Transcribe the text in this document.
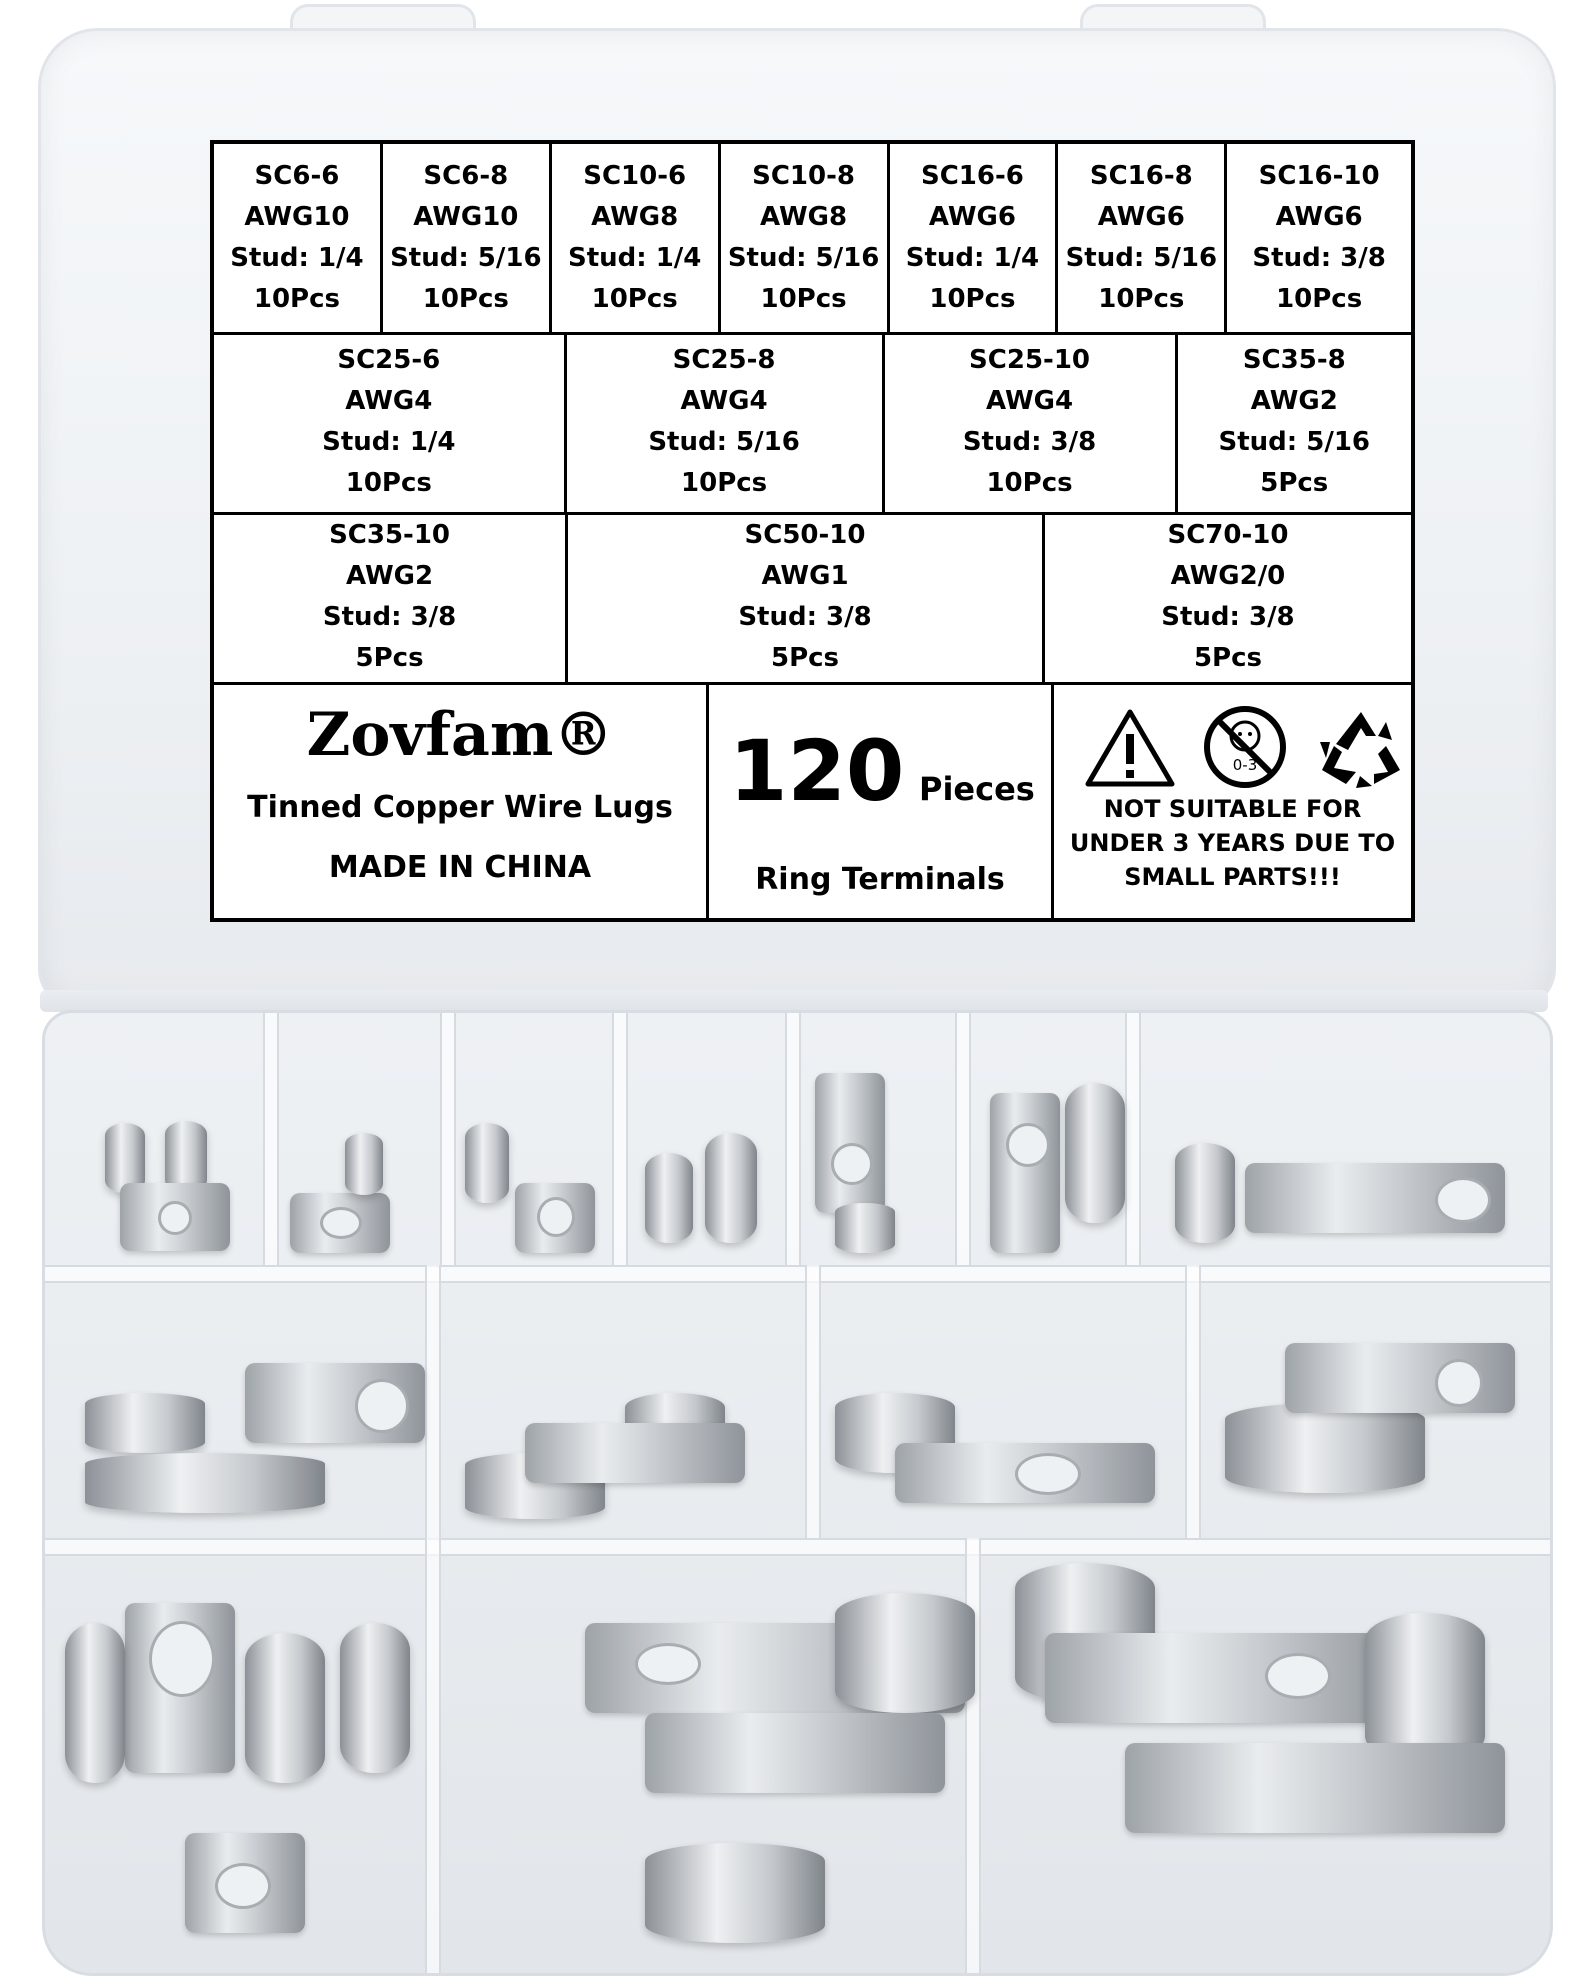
SC6-6
AWG10
Stud: 1/4
10Pcs
SC6-8
AWG10
Stud: 5/16
10Pcs
SC10-6
AWG8
Stud: 1/4
10Pcs
SC10-8
AWG8
Stud: 5/16
10Pcs
SC16-6
AWG6
Stud: 1/4
10Pcs
SC16-8
AWG6
Stud: 5/16
10Pcs
SC16-10
AWG6
Stud: 3/8
10Pcs
SC25-6
AWG4
Stud: 1/4
10Pcs
SC25-8
AWG4
Stud: 5/16
10Pcs
SC25-10
AWG4
Stud: 3/8
10Pcs
SC35-8
AWG2
Stud: 5/16
5Pcs
SC35-10
AWG2
Stud: 3/8
5Pcs
SC50-10
AWG1
Stud: 3/8
5Pcs
SC70-10
AWG2/0
Stud: 3/8
5Pcs
Zovfam®
Tinned Copper Wire Lugs
MADE IN CHINA
120 Pieces
Ring Terminals
0-3
NOT SUITABLE FOR
UNDER 3 YEARS DUE TO
SMALL PARTS!!!
